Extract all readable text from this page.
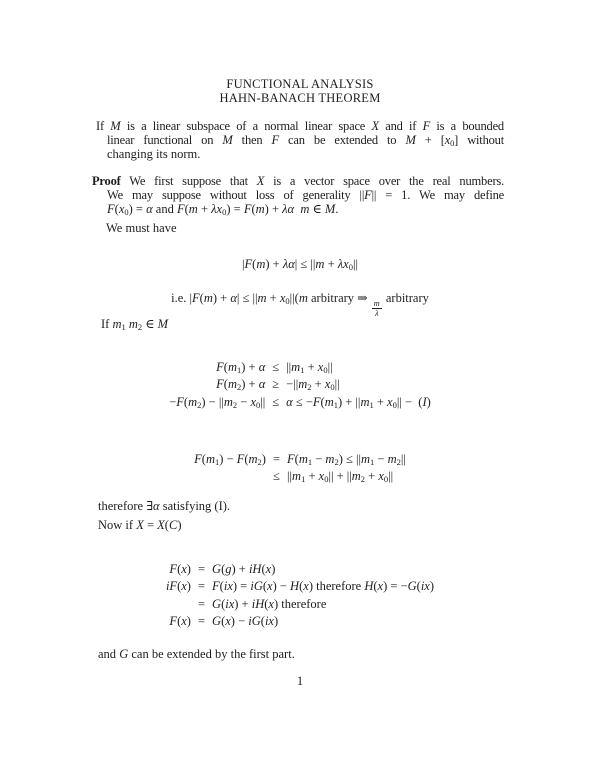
FUNCTIONAL ANALYSIS
HAHN-BANACH THEOREM
If M is a linear subspace of a normal linear space X and if F is a bounded
linear functional on M then F can be extended to $M + [x_0]$ without
changing its norm.
Proof We first suppose that X is a vector space over the real numbers.
We may suppose without loss of generality ||F|| = 1. We may define
$F(x_0) = \alpha$ and $F(m + \lambda x_0) = F(m) + \lambda\alpha$  m ∈ M.
We must have
$|F(m) + \lambda\alpha| \le ||m + \lambda x_0||$
i.e. $|F(m) + \alpha| \le ||m + x_0||(m$ arbitrary ⇒
$\frac{m}{\lambda}$
arbitrary
If $m_1$ $m_2$ ∈ M
$F(m_1) + \alpha \le ||m_1 + x_0||$
$F(m_2) + \alpha \ge -||m_2 + x_0||$
$-F(m_2) - ||m_2 - x_0|| \le \alpha \le -F(m_1) + ||m_1 + x_0||$ − (I)
$F(m_1) - F(m_2) = F(m_1 - m_2) \le ||m_1 - m_2||$
≤ $||m_1 + x_0|| + ||m_2 + x_0||$
therefore ∃α satisfying (I).
Now if X = X(C)
F(x) = G(g) + iH(x)
iF(x) = F(ix) = iG(x) − H(x) therefore H(x) = −G(ix)
= G(ix) + iH(x) therefore
F(x) = G(x) − iG(ix)
and G can be extended by the first part.
1
